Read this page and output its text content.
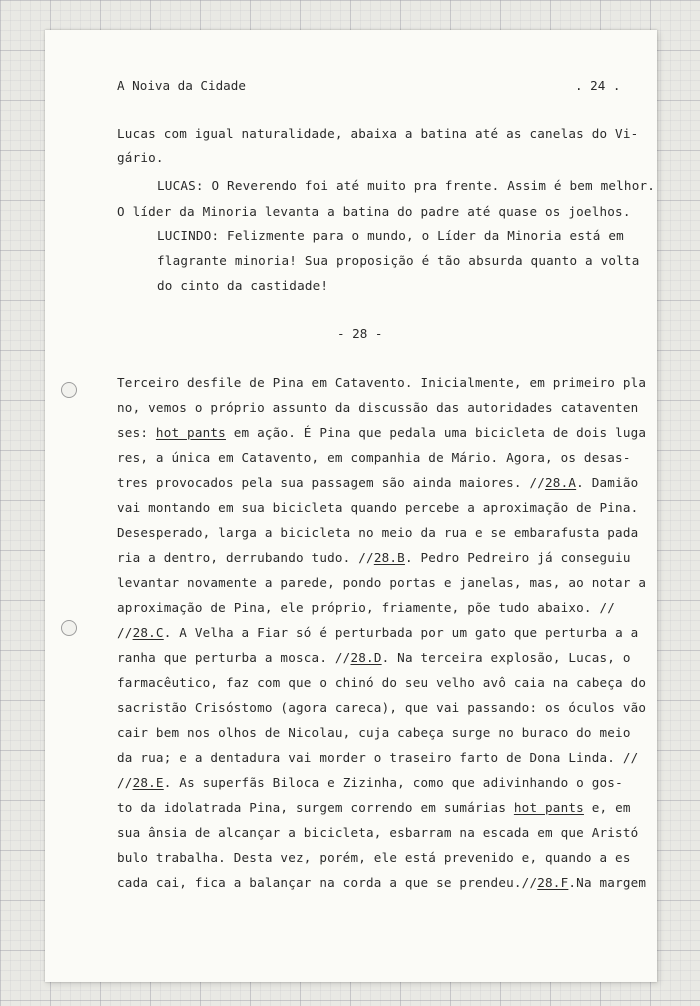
A Noiva da Cidade	. 24 .
Lucas com igual naturalidade, abaixa a batina até as canelas do Vi-
gário.
LUCAS: O Reverendo foi até muito pra frente. Assim é bem melhor.
O líder da Minoria levanta a batina do padre até quase os joelhos.
LUCINDO: Felizmente para o mundo, o Líder da Minoria está em
flagrante minoria! Sua proposição é tão absurda quanto a volta
do cinto da castidade!
- 28 -
Terceiro desfile de Pina em Catavento. Inicialmente, em primeiro pla
no, vemos o próprio assunto da discussão das autoridades cataventen
ses: hot pants em ação. É Pina que pedala uma bicicleta de dois luga
res, a única em Catavento, em companhia de Mário. Agora, os desas-
tres provocados pela sua passagem são ainda maiores. //28.A. Damião
vai montando em sua bicicleta quando percebe a aproximação de Pina.
Desesperado, larga a bicicleta no meio da rua e se embarafusta pada
ria a dentro, derrubando tudo. //28.B. Pedro Pedreiro já conseguiu
levantar novamente a parede, pondo portas e janelas, mas, ao notar a
aproximação de Pina, ele próprio, friamente, põe tudo abaixo. //
//28.C. A Velha a Fiar só é perturbada por um gato que perturba a a
ranha que perturba a mosca. //28.D. Na terceira explosão, Lucas, o
farmacêutico, faz com que o chinó do seu velho avô caia na cabeça do
sacristão Crisóstomo (agora careca), que vai passando: os óculos vão
cair bem nos olhos de Nicolau, cuja cabeça surge no buraco do meio
da rua; e a dentadura vai morder o traseiro farto de Dona Linda. //
//28.E. As superfãs Biloca e Zizinha, como que adivinhando o gos-
to da idolatrada Pina, surgem correndo em sumárias hot pants e, em
sua ânsia de alcançar a bicicleta, esbarram na escada em que Aristó
bulo trabalha. Desta vez, porém, ele está prevenido e, quando a es
cada cai, fica a balançar na corda a que se prendeu.//28.F.Na margem
